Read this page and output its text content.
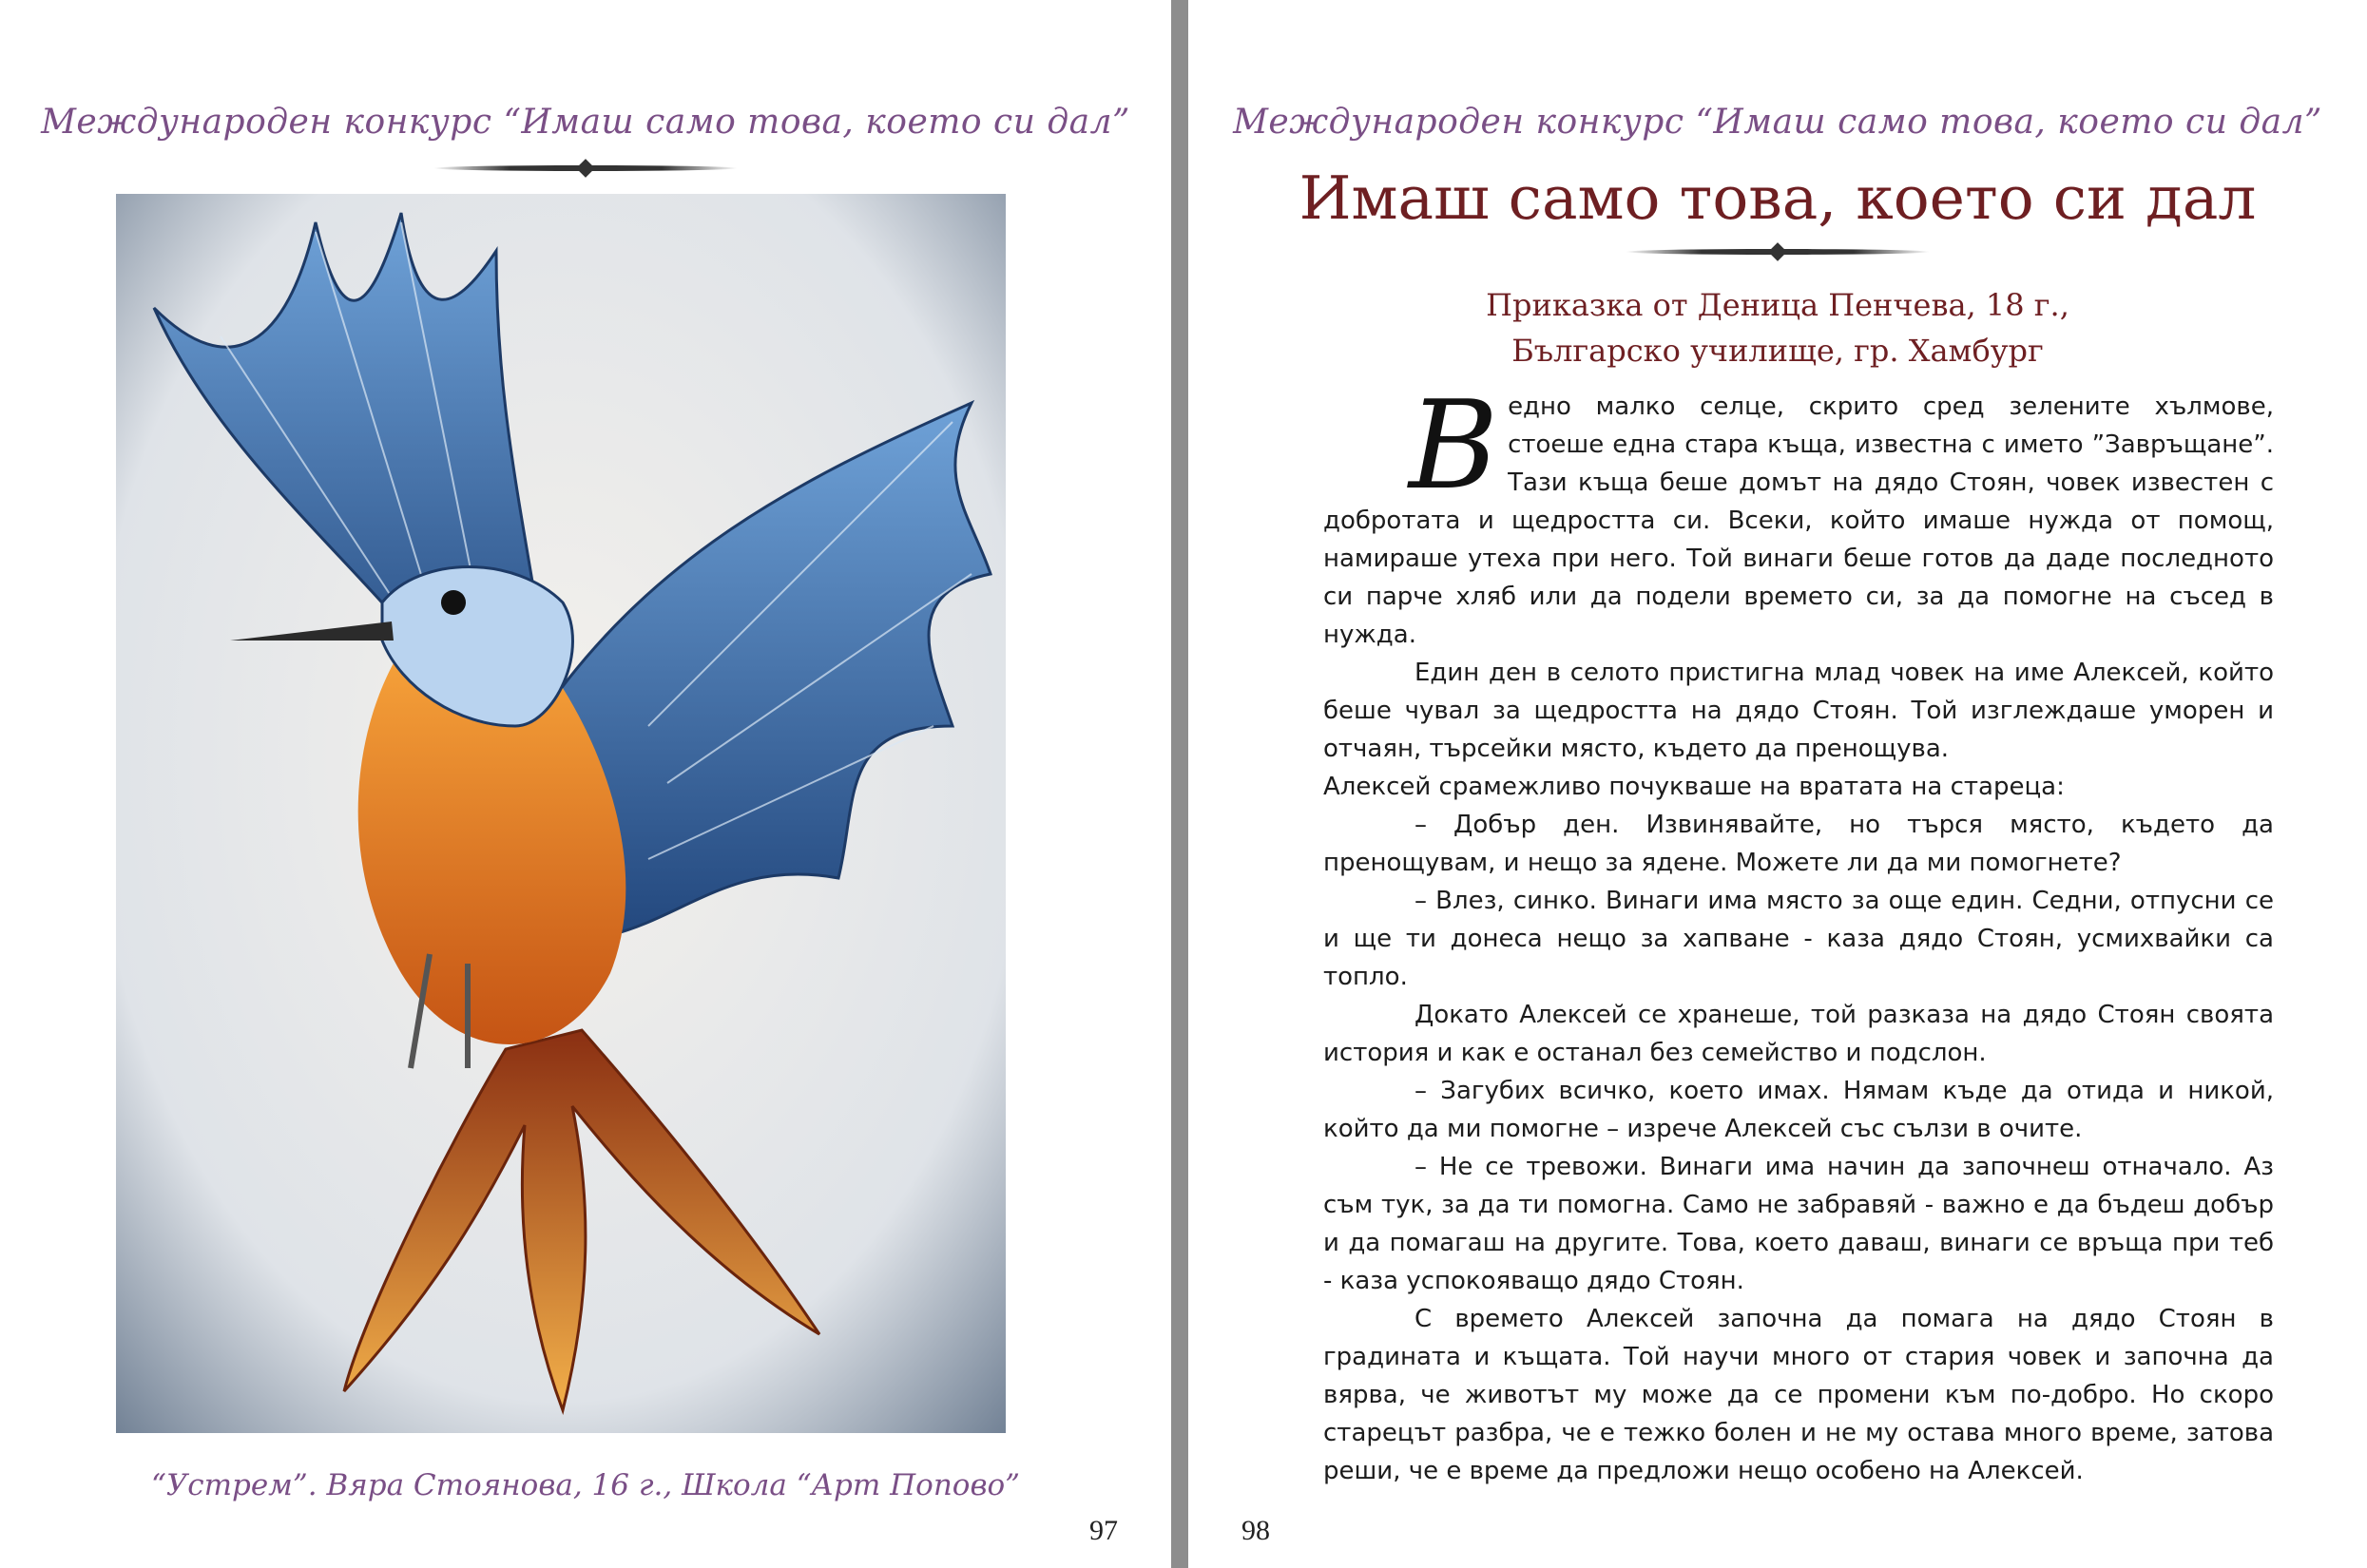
Международен конкурс “Имаш само това, което си дал”
“Устрем”. Вяра Стоянова, 16 г., Школа “Арт Попово”
97
Международен конкурс “Имаш само това, което си дал”
Имаш само това, което си дал
Приказка от Деница Пенчева, 18 г.,
Българско училище, гр. Хамбург

Ведно малко селце, скрито сред зелените хълмове, стоеше една стара къща, известна с името ”Завръщане”. Тази къща беше домът на дядо Стоян, човек известен с добротата и щедростта си. Всеки, който имаше нужда от помощ, намираше утеха при него. Той винаги беше готов да даде последното си парче хляб или да подели времето си, за да помогне на съсед в нужда.

Един ден в селото пристигна млад човек на име Алексей, който беше чувал за щедростта на дядо Стоян. Той изглеждаше уморен и отчаян, търсейки място, където да пренощува.

Алексей срамежливо почукваше на вратата на стареца:

– Добър ден. Извинявайте, но търся място, където да пренощувам, и нещо за ядене. Можете ли да ми помогнете?

– Влез, синко. Винаги има място за още един. Седни, отпусни се и ще ти донеса нещо за хапване - каза дядо Стоян, усмихвайки са топло.

Докато Алексей се хранеше, той разказа на дядо Стоян своята история и как е останал без семейство и подслон.

– Загубих всичко, което имах. Нямам къде да отида и никой, който да ми помогне – изрече Алексей със сълзи в очите.

– Не се тревожи. Винаги има начин да започнеш отначало. Аз съм тук, за да ти помогна. Само не забравяй - важно е да бъдеш добър и да помагаш на другите. Това, което даваш, винаги се връща при теб - каза успокояващо дядо Стоян.

С времето Алексей започна да помага на дядо Стоян в градината и къщата. Той научи много от стария човек и започна да вярва, че животът му може да се промени към по-добро. Но скоро старецът разбра, че е тежко болен и не му остава много време, затова реши, че е време да предложи нещо особено на Алексей.

98
